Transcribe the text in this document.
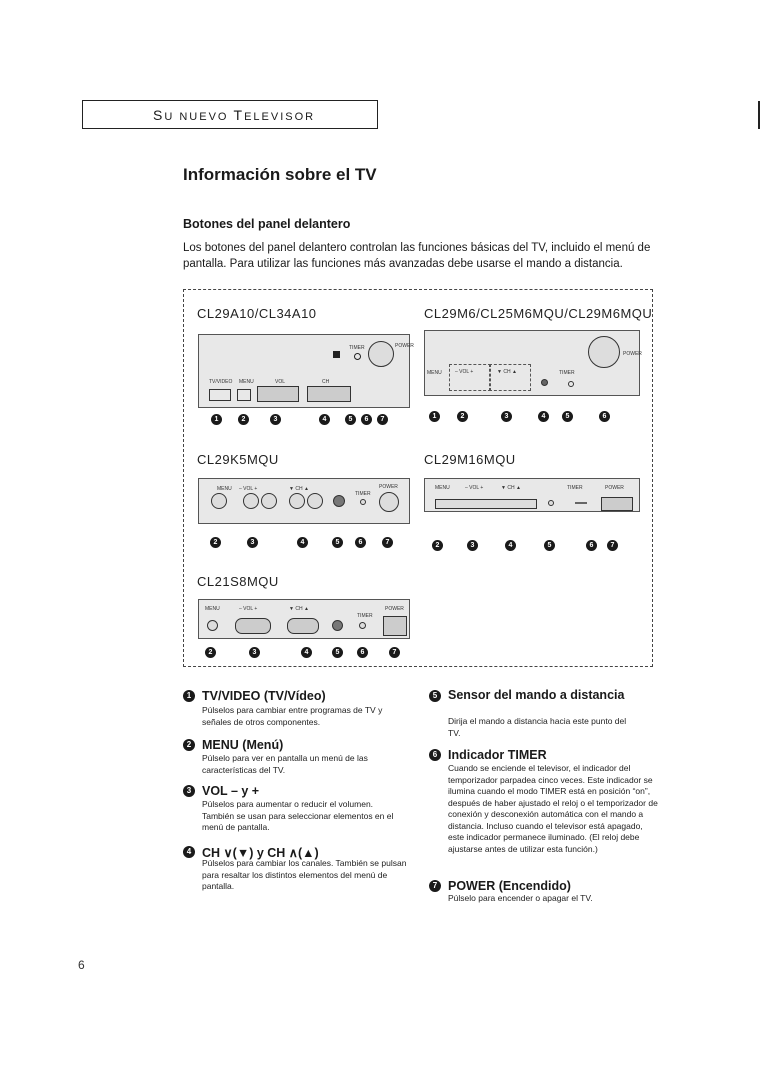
SU NUEVO TELEVISOR
Información sobre el TV
Botones del panel delantero
Los botones del panel delantero controlan las funciones básicas del TV, incluido el menú de pantalla. Para utilizar las funciones más avanzadas debe usarse el mando a distancia.
CL29A10/CL34A10
TIMER	POWER
TV/VIDEO MENU	VOL	CH
CL29M6/CL25M6MQU/CL29M6MQU
POWER
MENU	– VOL +	▼ CH ▲	TIMER
1	2	3	4	5	6	7	1	2	3	4	5	6
CL29K5MQU
MENU – VOL +	▼ CH ▲
TIMER
POWER
CL29M16MQU
MENU	– VOL +	▼ CH ▲	TIMER	POWER
2	3	4	5	6	7	2	3	4	5	6	7
CL21S8MQU
MENU	– VOL +	▼ CH ▲
TIMER
POWER
2	3	4	5	6	7
1 TV/VIDEO (TV/Vídeo)
Púlselos para cambiar entre programas de TV y señales de otros componentes.
2 MENU (Menú)
Púlselo para ver en pantalla un menú de las características del TV.
3 VOL – y +
Púlselos para aumentar o reducir el volumen. También se usan para seleccionar elementos en el menú de pantalla.
4 CH ∨(▼) y CH ∧(▲)
Púlselos para cambiar los canales. También se pulsan para resaltar los distintos elementos del menú de pantalla.
5 Sensor del mando a distancia
Dirija el mando a distancia hacia este punto del TV.
6 Indicador TIMER
Cuando se enciende el televisor, el indicador del temporizador parpadea cinco veces. Este indicador se ilumina cuando el modo TIMER está en posición “on”, después de haber ajustado el reloj o el temporizador de conexión y desconexión automática con el mando a distancia. Incluso cuando el televisor está apagado, este indicador permanece iluminado. (El reloj debe ajustarse antes de utilizar esta función.)
7 POWER (Encendido)
Púlselo para encender o apagar el TV.
6
